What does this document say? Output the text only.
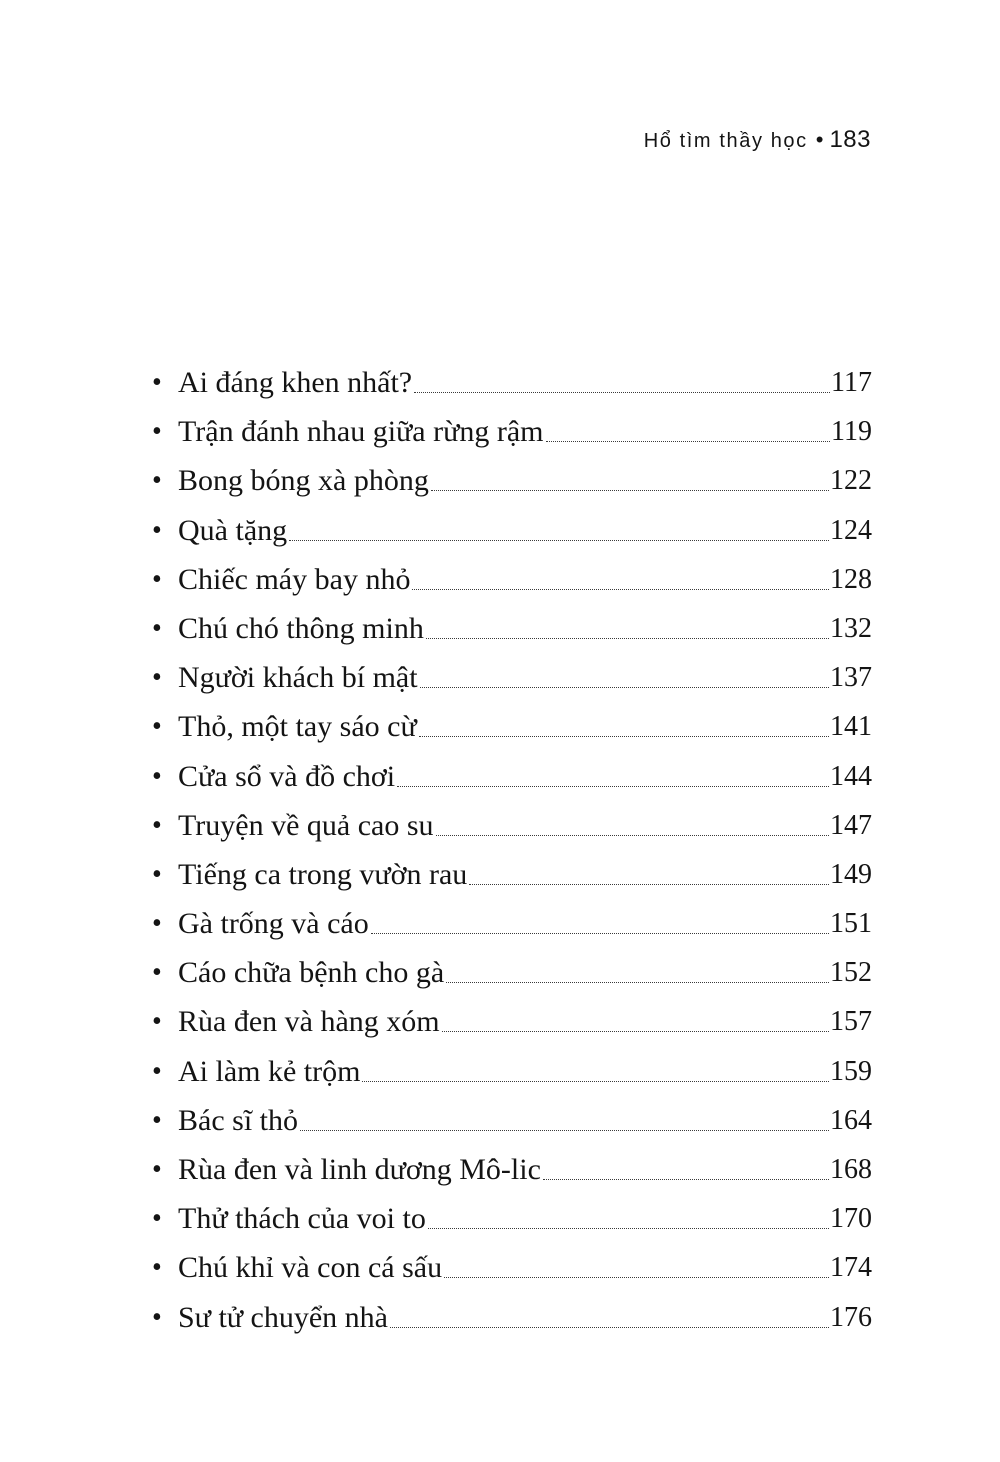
Hổ tìm thầy học • 183
• Ai đáng khen nhất?	117
• Trận đánh nhau giữa rừng rậm	119
• Bong bóng xà phòng	122
• Quà tặng	124
• Chiếc máy bay nhỏ	128
• Chú chó thông minh	132
• Người khách bí mật	137
• Thỏ, một tay sáo cừ	141
• Cửa sổ và đồ chơi	144
• Truyện về quả cao su	147
• Tiếng ca trong vườn rau	149
• Gà trống và cáo	151
• Cáo chữa bệnh cho gà	152
• Rùa đen và hàng xóm	157
• Ai làm kẻ trộm	159
• Bác sĩ thỏ	164
• Rùa đen và linh dương Mô-lic	168
• Thử thách của voi to	170
• Chú khỉ và con cá sấu	174
• Sư tử chuyển nhà	176
